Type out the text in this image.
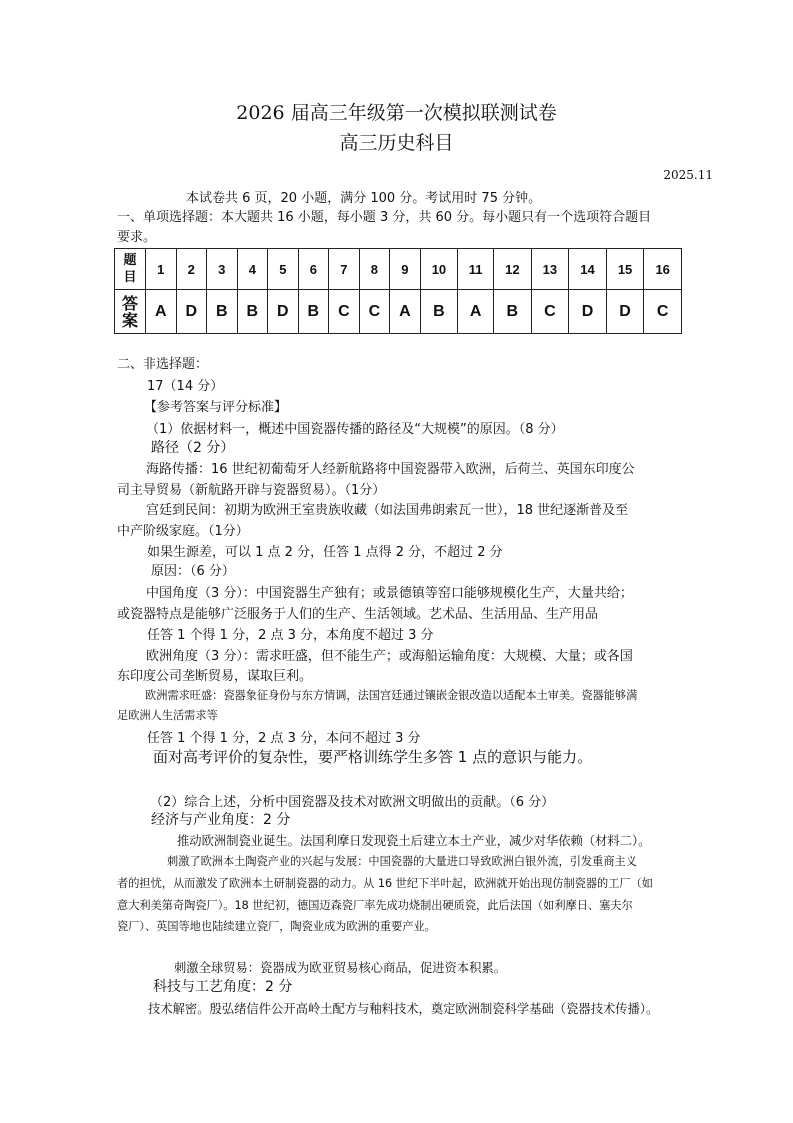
2026 届高三年级第一次模拟联测试卷
高三历史科目
2025.11
本试卷共 6 页，20 小题，满分 100 分。考试用时 75 分钟。
一、单项选择题：本大题共 16 小题，每小题 3 分，共 60 分。每小题只有一个选项符合题目
要求。
题
目	1	2	3	4	5	6	7	8	9	10	11	12	13	14	15	16
答
案	A	D	B	B	D	B	C	C	A	B	A	B	C	D	D	C
二、非选择题：
17（14 分）
【参考答案与评分标准】
（1）依据材料一，概述中国瓷器传播的路径及“大规模”的原因。（8 分）
路径（2 分）
海路传播：16 世纪初葡萄牙人经新航路将中国瓷器带入欧洲，后荷兰、英国东印度公
司主导贸易（新航路开辟与瓷器贸易）。（1分）
宫廷到民间：初期为欧洲王室贵族收藏（如法国弗朗索瓦一世），18 世纪逐渐普及至
中产阶级家庭。（1分）
如果生源差，可以 1 点 2 分，任答 1 点得 2 分，不超过 2 分
原因：（6 分）
中国角度（3 分）：中国瓷器生产独有；或景德镇等窑口能够规模化生产，大量共给；
或瓷器特点是能够广泛服务于人们的生产、生活领域。艺术品、生活用品、生产用品
任答 1 个得 1 分，2 点 3 分，本角度不超过 3 分
欧洲角度（3 分）：需求旺盛，但不能生产；或海船运输角度：大规模、大量；或各国
东印度公司垄断贸易，谋取巨利。
欧洲需求旺盛：瓷器象征身份与东方情调，法国宫廷通过镶嵌金银改造以适配本土审美。瓷器能够满
足欧洲人生活需求等
任答 1 个得 1 分，2 点 3 分，本问不超过 3 分
面对高考评价的复杂性，要严格训练学生多答 1 点的意识与能力。
（2）综合上述，分析中国瓷器及技术对欧洲文明做出的贡献。（6 分）
经济与产业角度：2 分
推动欧洲制瓷业诞生。法国利摩日发现瓷土后建立本土产业，减少对华依赖（材料二）。
刺激了欧洲本土陶瓷产业的兴起与发展：中国瓷器的大量进口导致欧洲白银外流，引发重商主义
者的担忧，从而激发了欧洲本土研制瓷器的动力。从 16 世纪下半叶起，欧洲就开始出现仿制瓷器的工厂（如
意大利美第奇陶瓷厂）。18 世纪初，德国迈森瓷厂率先成功烧制出硬质瓷，此后法国（如利摩日、塞夫尔
瓷厂）、英国等地也陆续建立瓷厂，陶瓷业成为欧洲的重要产业。
刺激全球贸易：瓷器成为欧亚贸易核心商品，促进资本积累。
科技与工艺角度：2 分
技术解密。殷弘绪信件公开高岭土配方与釉料技术，奠定欧洲制瓷科学基础（瓷器技术传播）。
